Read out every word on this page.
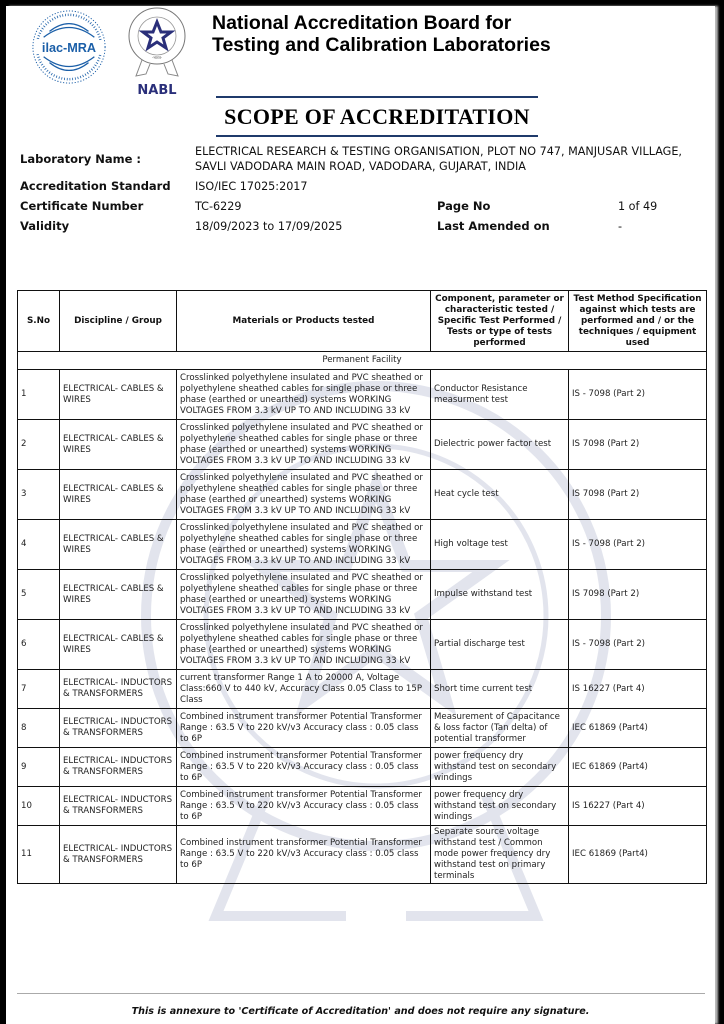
ilac-MRA
·भारत·
NABL
National Accreditation Board for
Testing and Calibration Laboratories
SCOPE OF ACCREDITATION
Laboratory Name :
ELECTRICAL RESEARCH & TESTING ORGANISATION, PLOT NO 747, MANJUSAR VILLAGE,
SAVLI VADODARA MAIN ROAD, VADODARA, GUJARAT, INDIA
Accreditation Standard ISO/IEC 17025:2017
Certificate Number	TC-6229	Page No	1 of 49
Validity	18/09/2023 to 17/09/2025	Last Amended on	-
S.No	Discipline / Group	Materials or Products tested	Component, parameter or characteristic tested / Specific Test Performed / Tests or type of tests performed	Test Method Specification against which tests are performed and / or the techniques / equipment used
Permanent Facility				
1	ELECTRICAL- CABLES & WIRES	Crosslinked polyethylene insulated and PVC sheathed or polyethylene sheathed cables for single phase or three phase (earthed or unearthed) systems WORKING VOLTAGES FROM 3.3 kV UP TO AND INCLUDING 33 kV	Conductor Resistance measurment test	IS - 7098 (Part 2)
2	ELECTRICAL- CABLES & WIRES	Crosslinked polyethylene insulated and PVC sheathed or polyethylene sheathed cables for single phase or three phase (earthed or unearthed) systems WORKING VOLTAGES FROM 3.3 kV UP TO AND INCLUDING 33 kV	Dielectric power factor test	IS 7098 (Part 2)
3	ELECTRICAL- CABLES & WIRES	Crosslinked polyethylene insulated and PVC sheathed or polyethylene sheathed cables for single phase or three phase (earthed or unearthed) systems WORKING VOLTAGES FROM 3.3 kV UP TO AND INCLUDING 33 kV	Heat cycle test	IS 7098 (Part 2)
4	ELECTRICAL- CABLES & WIRES	Crosslinked polyethylene insulated and PVC sheathed or polyethylene sheathed cables for single phase or three phase (earthed or unearthed) systems WORKING VOLTAGES FROM 3.3 kV UP TO AND INCLUDING 33 kV	High voltage test	IS - 7098 (Part 2)
5	ELECTRICAL- CABLES & WIRES	Crosslinked polyethylene insulated and PVC sheathed or polyethylene sheathed cables for single phase or three phase (earthed or unearthed) systems WORKING VOLTAGES FROM 3.3 kV UP TO AND INCLUDING 33 kV	Impulse withstand test	IS 7098 (Part 2)
6	ELECTRICAL- CABLES & WIRES	Crosslinked polyethylene insulated and PVC sheathed or polyethylene sheathed cables for single phase or three phase (earthed or unearthed) systems WORKING VOLTAGES FROM 3.3 kV UP TO AND INCLUDING 33 kV	Partial discharge test	IS - 7098 (Part 2)
7	ELECTRICAL- INDUCTORS & TRANSFORMERS	current transformer Range 1 A to 20000 A, Voltage Class:660 V to 440 kV, Accuracy Class 0.05 Class to 15P Class	Short time current test	IS 16227 (Part 4)
8	ELECTRICAL- INDUCTORS & TRANSFORMERS	Combined instrument transformer Potential Transformer Range : 63.5 V to 220 kV/v3 Accuracy class : 0.05 class to 6P	Measurement of Capacitance & loss factor (Tan delta) of potential transformer	IEC 61869 (Part4)
9	ELECTRICAL- INDUCTORS & TRANSFORMERS	Combined instrument transformer Potential Transformer Range : 63.5 V to 220 kV/v3 Accuracy class : 0.05 class to 6P	power frequency dry withstand test on secondary windings	IEC 61869 (Part4)
10	ELECTRICAL- INDUCTORS & TRANSFORMERS	Combined instrument transformer Potential Transformer Range : 63.5 V to 220 kV/v3 Accuracy class : 0.05 class to 6P	power frequency dry withstand test on secondary windings	IS 16227 (Part 4)
11	ELECTRICAL- INDUCTORS & TRANSFORMERS	Combined instrument transformer Potential Transformer Range : 63.5 V to 220 kV/v3 Accuracy class : 0.05 class to 6P	Separate source voltage withstand test / Common mode power frequency dry withstand test on primary terminals	IEC 61869 (Part4)
This is annexure to 'Certificate of Accreditation' and does not require any signature.
